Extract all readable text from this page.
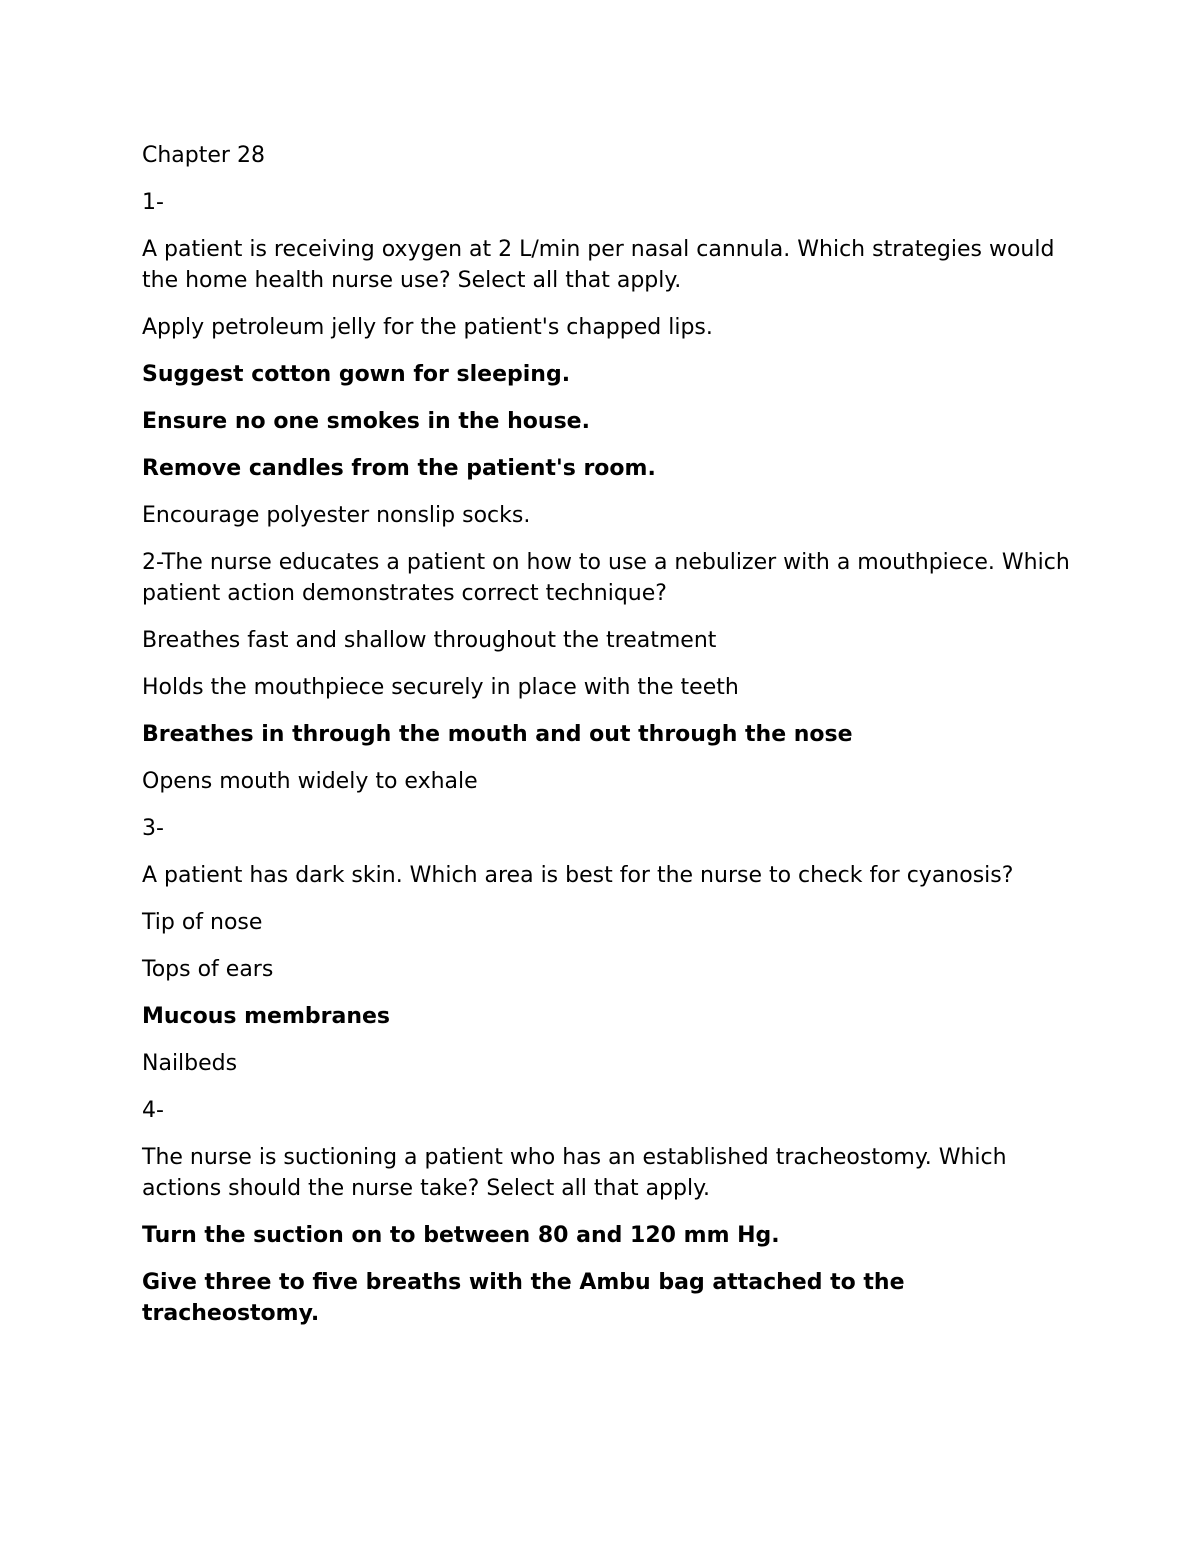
Chapter 28

1-

A patient is receiving oxygen at 2 L/min per nasal cannula. Which strategies would the home health nurse use? Select all that apply.

Apply petroleum jelly for the patient's chapped lips.

Suggest cotton gown for sleeping.

Ensure no one smokes in the house.

Remove candles from the patient's room.

Encourage polyester nonslip socks.

2-The nurse educates a patient on how to use a nebulizer with a mouthpiece. Which patient action demonstrates correct technique?

Breathes fast and shallow throughout the treatment

Holds the mouthpiece securely in place with the teeth

Breathes in through the mouth and out through the nose

Opens mouth widely to exhale

3-

A patient has dark skin. Which area is best for the nurse to check for cyanosis?

Tip of nose

Tops of ears

Mucous membranes

Nailbeds

4-

The nurse is suctioning a patient who has an established tracheostomy. Which actions should the nurse take? Select all that apply.

Turn the suction on to between 80 and 120 mm Hg.

Give three to five breaths with the Ambu bag attached to the tracheostomy.
